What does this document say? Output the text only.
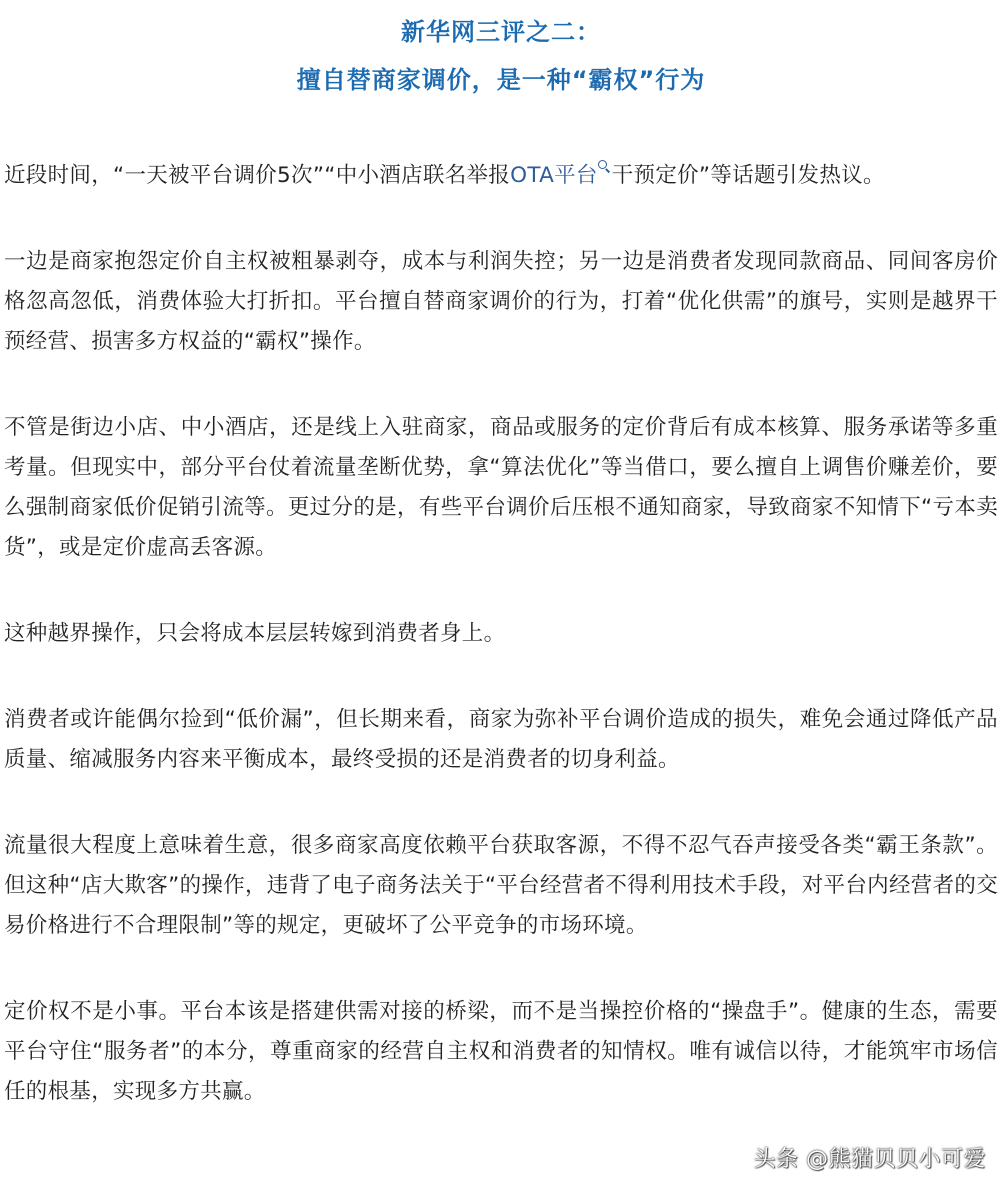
新华网三评之二：
擅自替商家调价，是一种“霸权”行为

近段时间，“一天被平台调价5次”“中小酒店联名举报OTA平台 干预定价”等话题引发热议。

一边是商家抱怨定价自主权被粗暴剥夺，成本与利润失控；另一边是消费者发现同款商品、同间客房价格忽高忽低，消费体验大打折扣。平台擅自替商家调价的行为，打着“优化供需”的旗号，实则是越界干预经营、损害多方权益的“霸权”操作。

不管是街边小店、中小酒店，还是线上入驻商家，商品或服务的定价背后有成本核算、服务承诺等多重考量。但现实中，部分平台仗着流量垄断优势，拿“算法优化”等当借口，要么擅自上调售价赚差价，要么强制商家低价促销引流等。更过分的是，有些平台调价后压根不通知商家，导致商家不知情下“亏本卖货”，或是定价虚高丢客源。

这种越界操作，只会将成本层层转嫁到消费者身上。

消费者或许能偶尔捡到“低价漏”，但长期来看，商家为弥补平台调价造成的损失，难免会通过降低产品质量、缩减服务内容来平衡成本，最终受损的还是消费者的切身利益。

流量很大程度上意味着生意，很多商家高度依赖平台获取客源，不得不忍气吞声接受各类“霸王条款”。但这种“店大欺客”的操作，违背了电子商务法关于“平台经营者不得利用技术手段，对平台内经营者的交易价格进行不合理限制”等的规定，更破坏了公平竞争的市场环境。

定价权不是小事。平台本该是搭建供需对接的桥梁，而不是当操控价格的“操盘手”。健康的生态，需要平台守住“服务者”的本分，尊重商家的经营自主权和消费者的知情权。唯有诚信以待，才能筑牢市场信任的根基，实现多方共赢。

头条 @熊猫贝贝小可爱
